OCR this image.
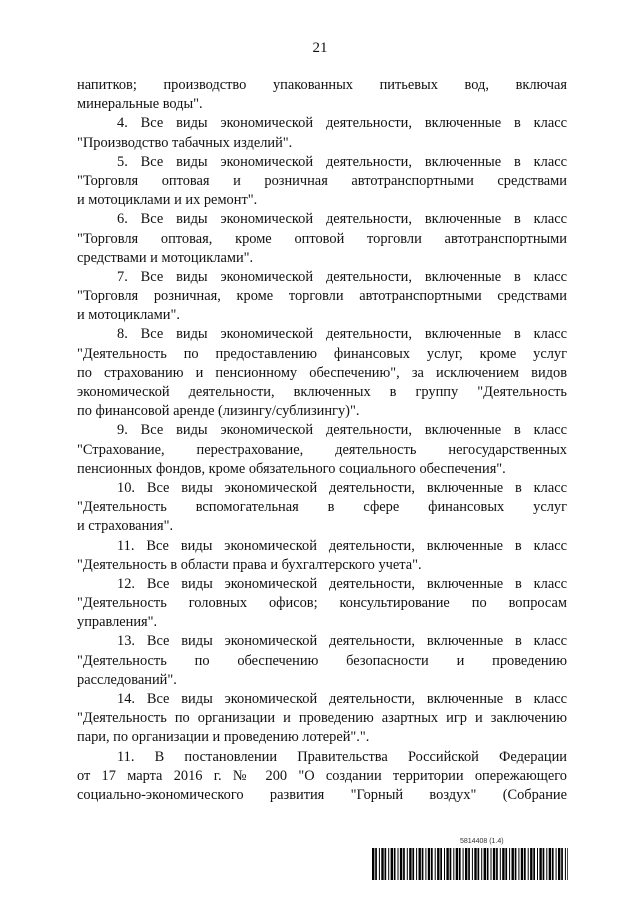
21
напитков; производство упакованных питьевых вод, включая
минеральные воды".
4. Все виды экономической деятельности, включенные в класс
"Производство табачных изделий".
5. Все виды экономической деятельности, включенные в класс
"Торговля оптовая и розничная автотранспортными средствами
и мотоциклами и их ремонт".
6. Все виды экономической деятельности, включенные в класс
"Торговля оптовая, кроме оптовой торговли автотранспортными
средствами и мотоциклами".
7. Все виды экономической деятельности, включенные в класс
"Торговля розничная, кроме торговли автотранспортными средствами
и мотоциклами".
8. Все виды экономической деятельности, включенные в класс
"Деятельность по предоставлению финансовых услуг, кроме услуг
по страхованию и пенсионному обеспечению", за исключением видов
экономической деятельности, включенных в группу "Деятельность
по финансовой аренде (лизингу/сублизингу)".
9. Все виды экономической деятельности, включенные в класс
"Страхование, перестрахование, деятельность негосударственных
пенсионных фондов, кроме обязательного социального обеспечения".
10. Все виды экономической деятельности, включенные в класс
"Деятельность вспомогательная в сфере финансовых услуг
и страхования".
11. Все виды экономической деятельности, включенные в класс
"Деятельность в области права и бухгалтерского учета".
12. Все виды экономической деятельности, включенные в класс
"Деятельность головных офисов; консультирование по вопросам
управления".
13. Все виды экономической деятельности, включенные в класс
"Деятельность по обеспечению безопасности и проведению
расследований".
14. Все виды экономической деятельности, включенные в класс
"Деятельность по организации и проведению азартных игр и заключению
пари, по организации и проведению лотерей".".
11. В постановлении Правительства Российской Федерации
от 17 марта 2016 г. № 200 "О создании территории опережающего
социально-экономического развития "Горный воздух" (Собрание
5814408 (1.4)
